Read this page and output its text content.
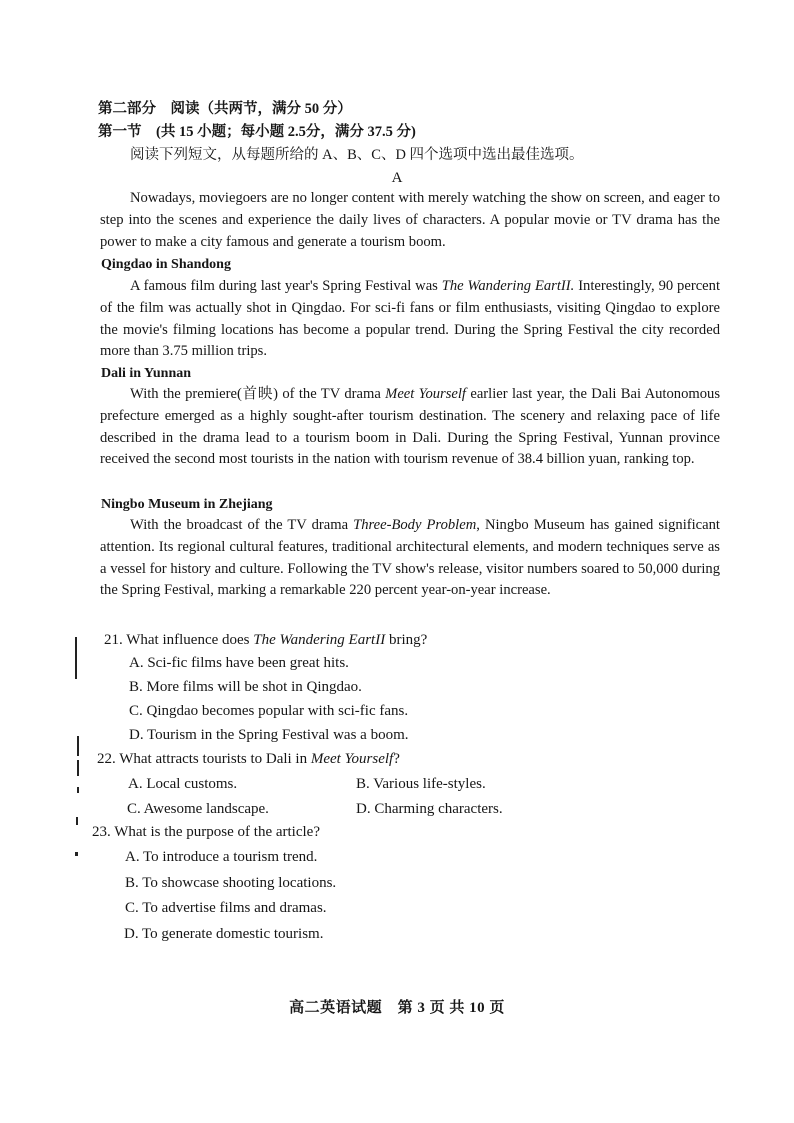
第二部分　阅读（共两节，满分 50 分）
第一节　(共 15 小题；每小题 2.5分，满分 37.5 分)
阅读下列短文，从每题所给的 A、B、C、D 四个选项中选出最佳选项。
A
Nowadays, moviegoers are no longer content with merely watching the show on screen, and eager to step into the scenes and experience the daily lives of characters. A popular movie or TV drama has the power to make a city famous and generate a tourism boom.
Qingdao in Shandong
A famous film during last year's Spring Festival was The Wandering EartII. Interestingly, 90 percent of the film was actually shot in Qingdao. For sci-fi fans or film enthusiasts, visiting Qingdao to explore the movie's filming locations has become a popular trend. During the Spring Festival the city recorded more than 3.75 million trips.
Dali in Yunnan
With the premiere(首映) of the TV drama Meet Yourself earlier last year, the Dali Bai Autonomous prefecture emerged as a highly sought-after tourism destination. The scenery and relaxing pace of life described in the drama lead to a tourism boom in Dali. During the Spring Festival, Yunnan province received the second most tourists in the nation with tourism revenue of 38.4 billion yuan, ranking top.
Ningbo Museum in Zhejiang
With the broadcast of the TV drama Three-Body Problem, Ningbo Museum has gained significant attention. Its regional cultural features, traditional architectural elements, and modern techniques serve as a vessel for history and culture. Following the TV show's release, visitor numbers soared to 50,000 during the Spring Festival, marking a remarkable 220 percent year-on-year increase.
21. What influence does The Wandering EartII bring?
A. Sci-fic films have been great hits.
B. More films will be shot in Qingdao.
C. Qingdao becomes popular with sci-fic fans.
D. Tourism in the Spring Festival was a boom.
22. What attracts tourists to Dali in Meet Yourself?
A. Local customs.	B. Various life-styles.
C. Awesome landscape.	D. Charming characters.
23. What is the purpose of the article?
A. To introduce a tourism trend.
B. To showcase shooting locations.
C. To advertise films and dramas.
D. To generate domestic tourism.
高二英语试题　第 3 页 共 10 页
